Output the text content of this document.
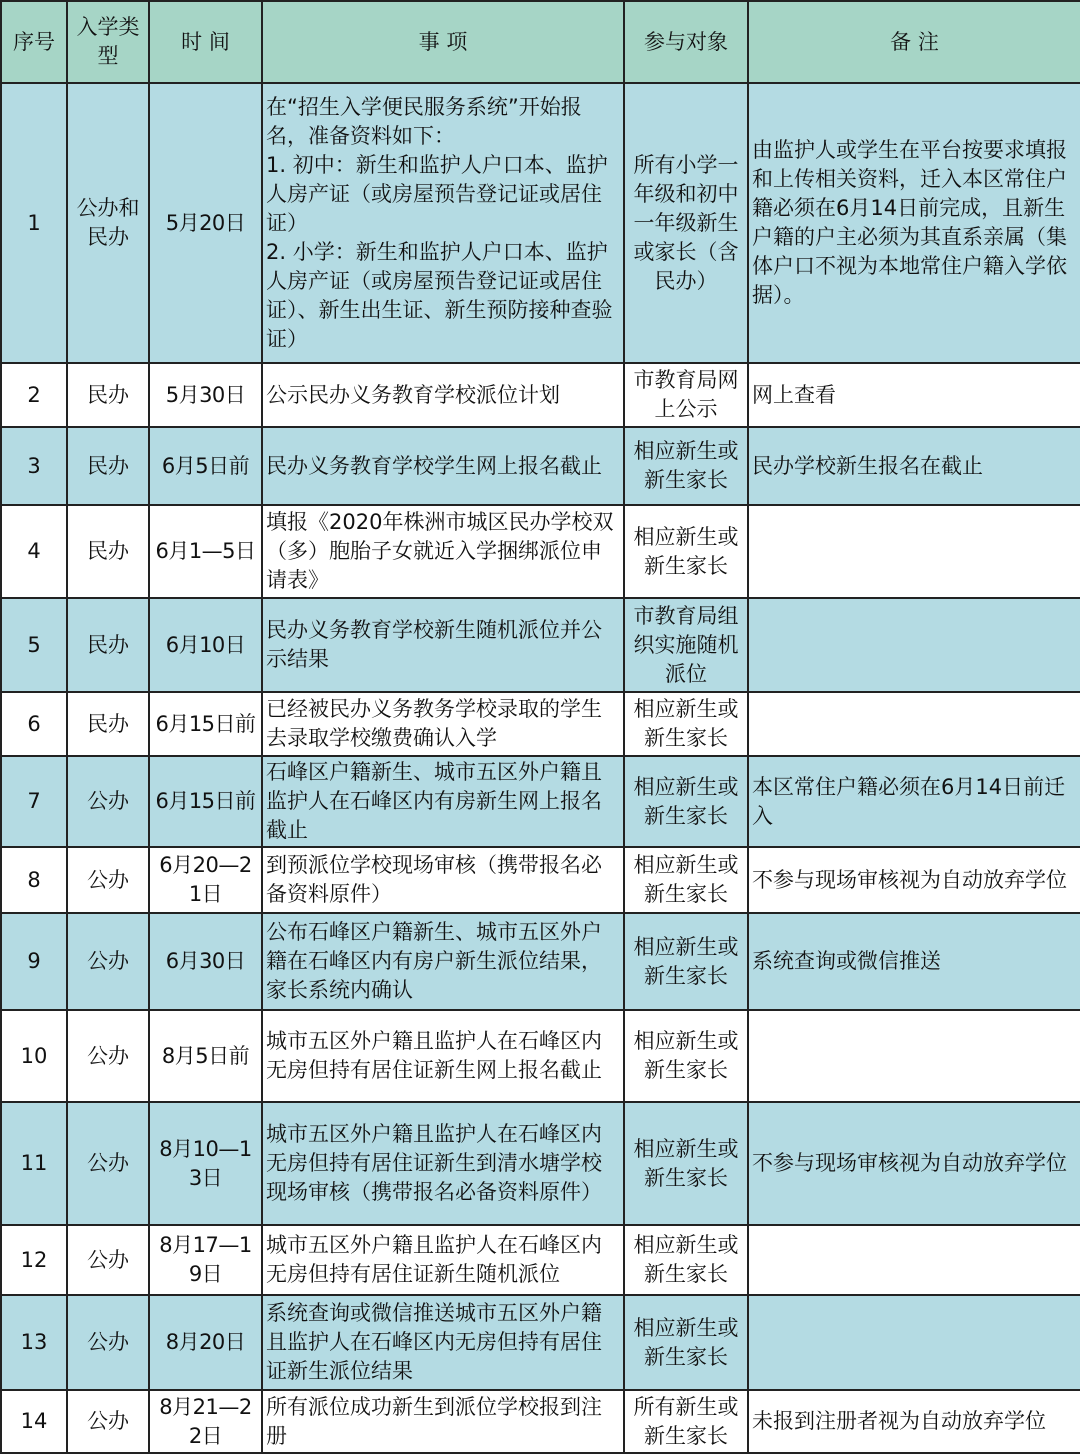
序号	入学类型	时 间	事 项	参与对象	备 注
1	公办和民办	5月20日	在“招生入学便民服务系统”开始报名，准备资料如下：
1. 初中：新生和监护人户口本、监护人房产证（或房屋预告登记证或居住证）
2. 小学：新生和监护人户口本、监护人房产证（或房屋预告登记证或居住证）、新生出生证、新生预防接种查验证）	所有小学一年级和初中一年级新生或家长（含民办）	由监护人或学生在平台按要求填报和上传相关资料，迁入本区常住户籍必须在6月14日前完成，且新生户籍的户主必须为其直系亲属（集体户口不视为本地常住户籍入学依据）。
2	民办	5月30日	公示民办义务教育学校派位计划	市教育局网上公示	网上查看
3	民办	6月5日前	民办义务教育学校学生网上报名截止	相应新生或新生家长	民办学校新生报名在截止
4	民办	6月1—5日	填报《2020年株洲市城区民办学校双（多）胞胎子女就近入学捆绑派位申请表》	相应新生或新生家长	
5	民办	6月10日	民办义务教育学校新生随机派位并公示结果	市教育局组织实施随机派位	
6	民办	6月15日前	已经被民办义务教务学校录取的学生去录取学校缴费确认入学	相应新生或新生家长	
7	公办	6月15日前	石峰区户籍新生、城市五区外户籍且监护人在石峰区内有房新生网上报名截止	相应新生或新生家长	本区常住户籍必须在6月14日前迁入
8	公办	6月20—21日	到预派位学校现场审核（携带报名必备资料原件）	相应新生或新生家长	不参与现场审核视为自动放弃学位
9	公办	6月30日	公布石峰区户籍新生、城市五区外户籍在石峰区内有房户新生派位结果，家长系统内确认	相应新生或新生家长	系统查询或微信推送
10	公办	8月5日前	城市五区外户籍且监护人在石峰区内无房但持有居住证新生网上报名截止	相应新生或新生家长	
11	公办	8月10—13日	城市五区外户籍且监护人在石峰区内无房但持有居住证新生到清水塘学校现场审核（携带报名必备资料原件）	相应新生或新生家长	不参与现场审核视为自动放弃学位
12	公办	8月17—19日	城市五区外户籍且监护人在石峰区内无房但持有居住证新生随机派位	相应新生或新生家长	
13	公办	8月20日	系统查询或微信推送城市五区外户籍且监护人在石峰区内无房但持有居住证新生派位结果	相应新生或新生家长	
14	公办	8月21—22日	所有派位成功新生到派位学校报到注册	所有新生或新生家长	未报到注册者视为自动放弃学位
